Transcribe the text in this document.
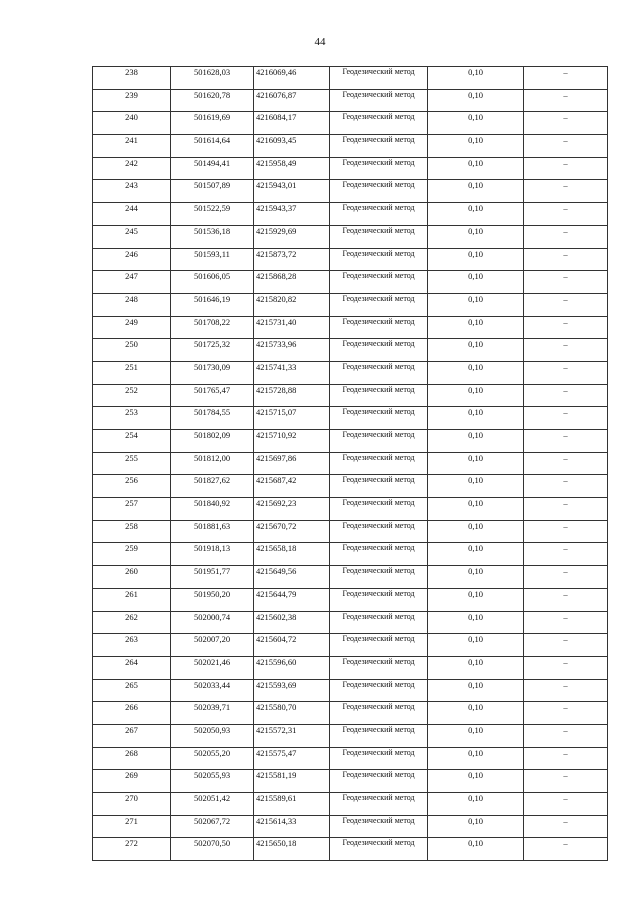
44
238	501628,03	4216069,46	Геодезический метод	0,10	–
239	501620,78	4216076,87	Геодезический метод	0,10	–
240	501619,69	4216084,17	Геодезический метод	0,10	–
241	501614,64	4216093,45	Геодезический метод	0,10	–
242	501494,41	4215958,49	Геодезический метод	0,10	–
243	501507,89	4215943,01	Геодезический метод	0,10	–
244	501522,59	4215943,37	Геодезический метод	0,10	–
245	501536,18	4215929,69	Геодезический метод	0,10	–
246	501593,11	4215873,72	Геодезический метод	0,10	–
247	501606,05	4215868,28	Геодезический метод	0,10	–
248	501646,19	4215820,82	Геодезический метод	0,10	–
249	501708,22	4215731,40	Геодезический метод	0,10	–
250	501725,32	4215733,96	Геодезический метод	0,10	–
251	501730,09	4215741,33	Геодезический метод	0,10	–
252	501765,47	4215728,88	Геодезический метод	0,10	–
253	501784,55	4215715,07	Геодезический метод	0,10	–
254	501802,09	4215710,92	Геодезический метод	0,10	–
255	501812,00	4215697,86	Геодезический метод	0,10	–
256	501827,62	4215687,42	Геодезический метод	0,10	–
257	501840,92	4215692,23	Геодезический метод	0,10	–
258	501881,63	4215670,72	Геодезический метод	0,10	–
259	501918,13	4215658,18	Геодезический метод	0,10	–
260	501951,77	4215649,56	Геодезический метод	0,10	–
261	501950,20	4215644,79	Геодезический метод	0,10	–
262	502000,74	4215602,38	Геодезический метод	0,10	–
263	502007,20	4215604,72	Геодезический метод	0,10	–
264	502021,46	4215596,60	Геодезический метод	0,10	–
265	502033,44	4215593,69	Геодезический метод	0,10	–
266	502039,71	4215580,70	Геодезический метод	0,10	–
267	502050,93	4215572,31	Геодезический метод	0,10	–
268	502055,20	4215575,47	Геодезический метод	0,10	–
269	502055,93	4215581,19	Геодезический метод	0,10	–
270	502051,42	4215589,61	Геодезический метод	0,10	–
271	502067,72	4215614,33	Геодезический метод	0,10	–
272	502070,50	4215650,18	Геодезический метод	0,10	–
